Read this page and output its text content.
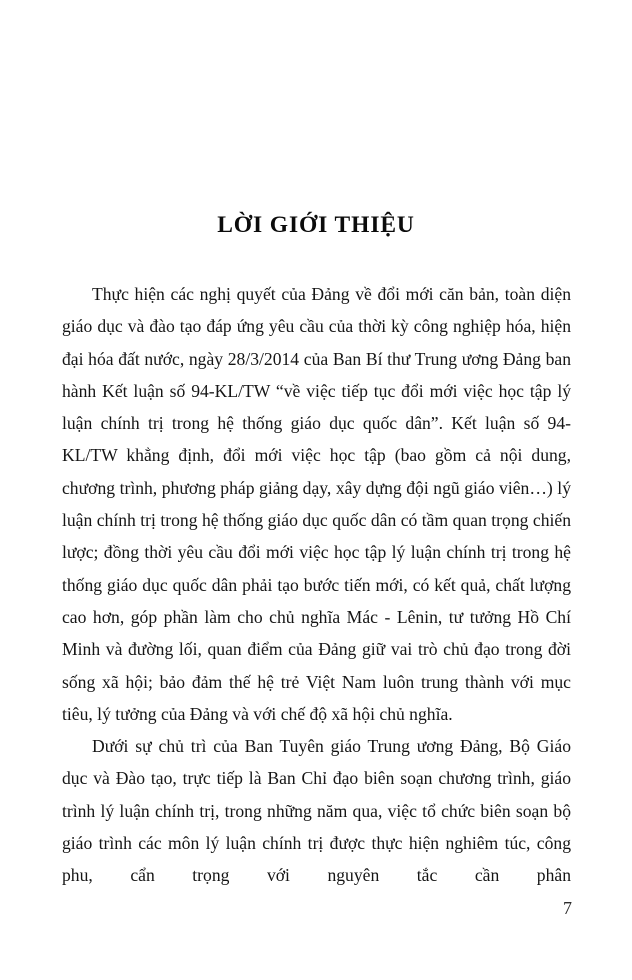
LỜI GIỚI THIỆU

Thực hiện các nghị quyết của Đảng về đổi mới căn bản, toàn diện giáo dục và đào tạo đáp ứng yêu cầu của thời kỳ công nghiệp hóa, hiện đại hóa đất nước, ngày 28/3/2014 của Ban Bí thư Trung ương Đảng ban hành Kết luận số 94-KL/TW “về việc tiếp tục đổi mới việc học tập lý luận chính trị trong hệ thống giáo dục quốc dân”. Kết luận số 94-KL/TW khẳng định, đổi mới việc học tập (bao gồm cả nội dung, chương trình, phương pháp giảng dạy, xây dựng đội ngũ giáo viên…) lý luận chính trị trong hệ thống giáo dục quốc dân có tầm quan trọng chiến lược; đồng thời yêu cầu đổi mới việc học tập lý luận chính trị trong hệ thống giáo dục quốc dân phải tạo bước tiến mới, có kết quả, chất lượng cao hơn, góp phần làm cho chủ nghĩa Mác - Lênin, tư tưởng Hồ Chí Minh và đường lối, quan điểm của Đảng giữ vai trò chủ đạo trong đời sống xã hội; bảo đảm thế hệ trẻ Việt Nam luôn trung thành với mục tiêu, lý tưởng của Đảng và với chế độ xã hội chủ nghĩa.

Dưới sự chủ trì của Ban Tuyên giáo Trung ương Đảng, Bộ Giáo dục và Đào tạo, trực tiếp là Ban Chỉ đạo biên soạn chương trình, giáo trình lý luận chính trị, trong những năm qua, việc tổ chức biên soạn bộ giáo trình các môn lý luận chính trị được thực hiện nghiêm túc, công phu, cẩn trọng với nguyên tắc cần phân

7
